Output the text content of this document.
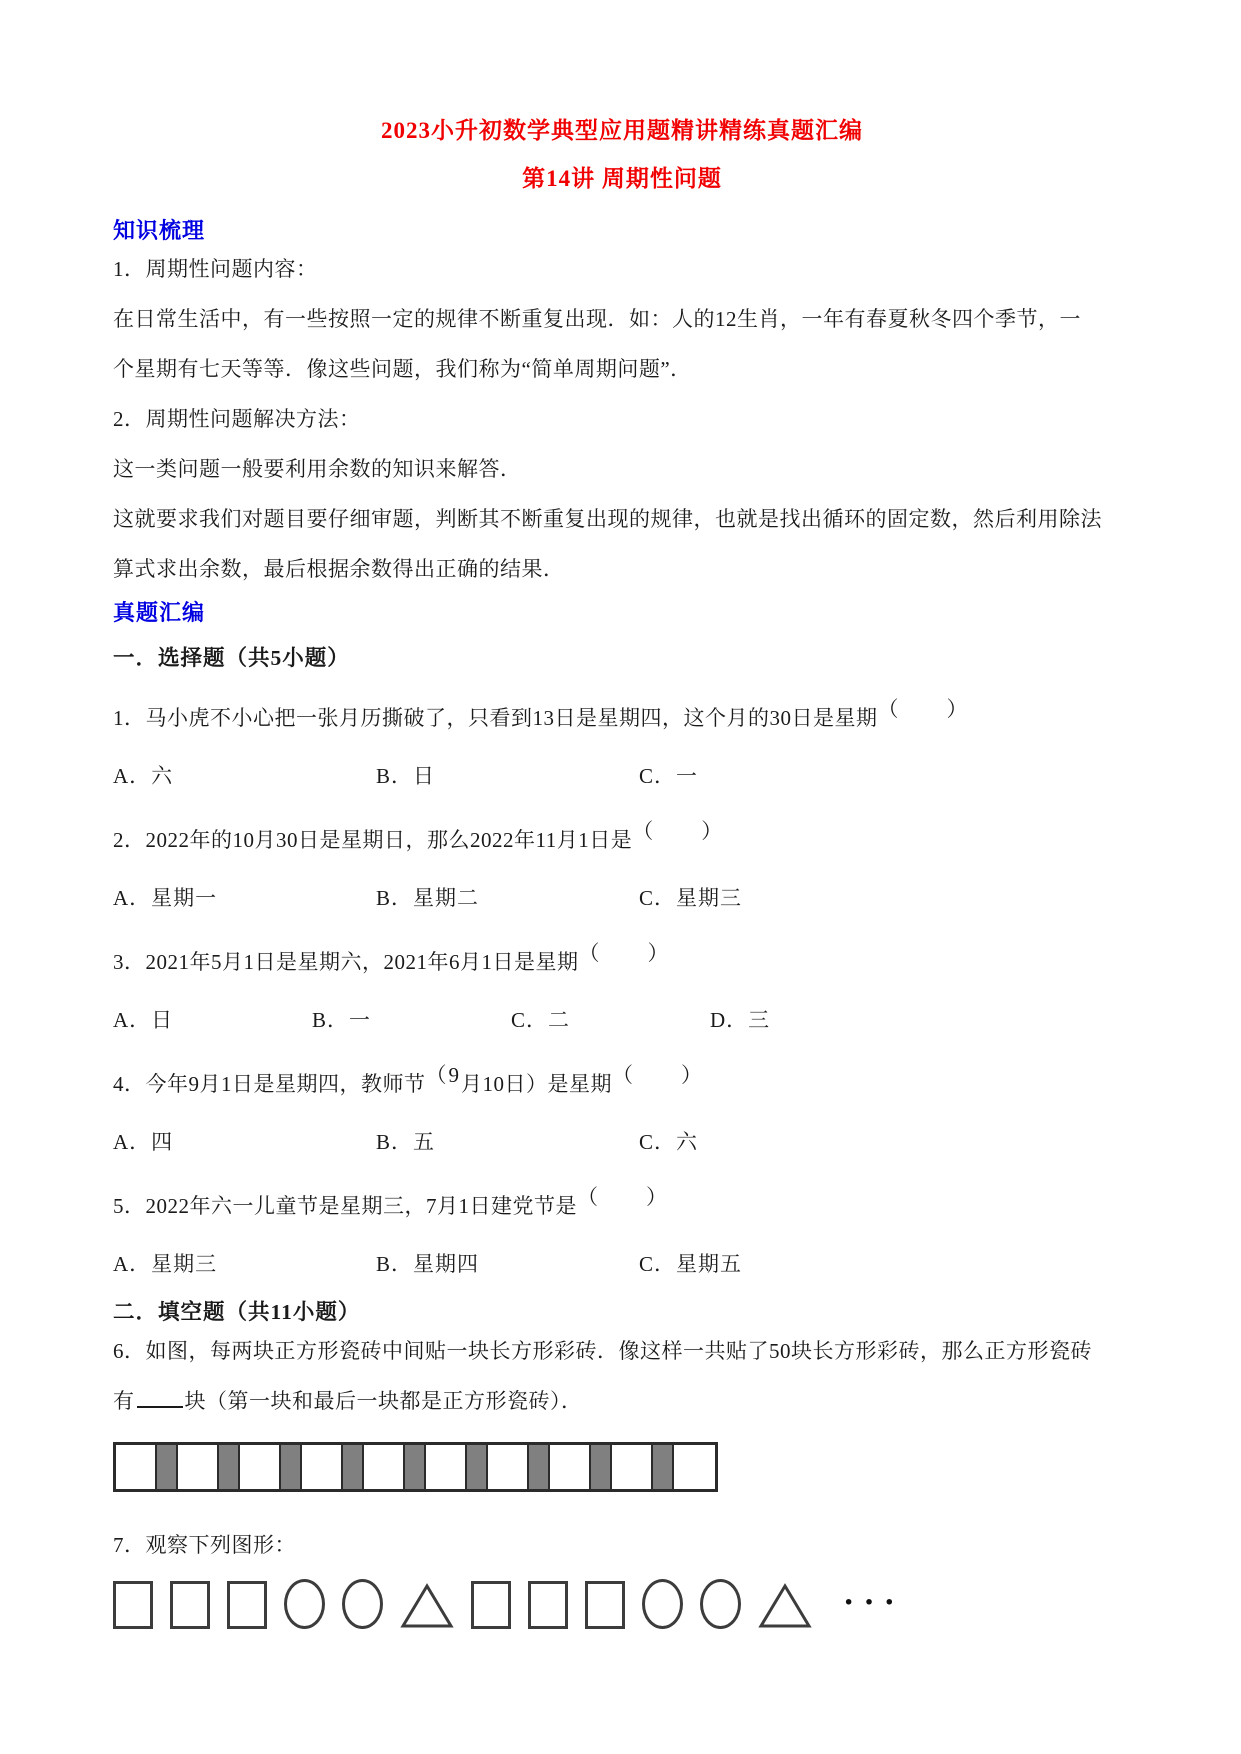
2023小升初数学典型应用题精讲精练真题汇编
第14讲 周期性问题
知识梳理

1．周期性问题内容：

在日常生活中，有一些按照一定的规律不断重复出现．如：人的12生肖，一年有春夏秋冬四个季节，一

个星期有七天等等．像这些问题，我们称为“简单周期问题”．

2．周期性问题解决方法：

这一类问题一般要利用余数的知识来解答．

这就要求我们对题目要仔细审题，判断其不断重复出现的规律，也就是找出循环的固定数，然后利用除法

算式求出余数，最后根据余数得出正确的结果．

真题汇编
一．选择题（共5小题）

1．马小虎不小心把一张月历撕破了，只看到13日是星期四，这个月的30日是星期（　　）

A．六	B．日	C．一

2．2022年的10月30日是星期日，那么2022年11月1日是（　　）

A．星期一	B．星期二	C．星期三

3．2021年5月1日是星期六，2021年6月1日是星期（　　）

A．日	B．一	C．二	D．三

4．今年9月1日是星期四，教师节（9月10日）是星期（　　）

A．四	B．五	C．六

5．2022年六一儿童节是星期三，7月1日建党节是（　　）

A．星期三	B．星期四	C．星期五
二．填空题（共11小题）

6．如图，每两块正方形瓷砖中间贴一块长方形彩砖．像这样一共贴了50块长方形彩砖，那么正方形瓷砖

有 块（第一块和最后一块都是正方形瓷砖）．

7．观察下列图形：

···
